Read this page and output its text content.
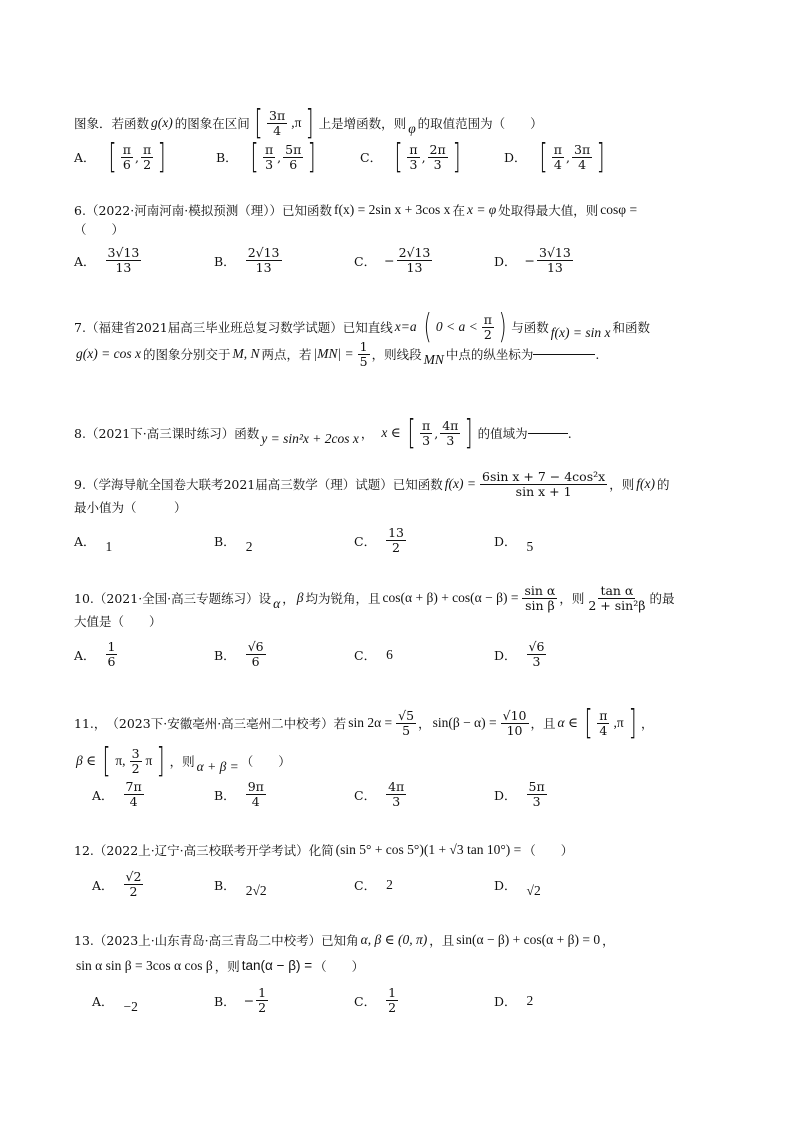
图象．若函数 g(x) 的图象在区间 [ $\frac{3\pi}{4} ,\pi$ ] 上是增函数，则 φ 的取值范围为（　　）
A． [ $\frac{\pi}{6}$ , $\frac{\pi}{2}$ ]	B． [ $\frac{\pi}{3}$ , $\frac{5\pi}{6}$ ]	C． [ $\frac{\pi}{3}$ , $\frac{2\pi}{3}$ ]	D． [ $\frac{\pi}{4}$ , $\frac{3\pi}{4}$ ]
6. （2022·河南河南·模拟预测（理）） 已知函数 f(x) = 2sin x + 3cos x 在 x = φ 处取得最大值，则 cosφ =
（　　）
A． $\frac{3√13}{13}$	B． $\frac{2√13}{13}$	C． − $\frac{2√13}{13}$	D． − $\frac{3√13}{13}$
7. （福建省2021届高三毕业班总复习数学试题） 已知直线 x=a ( $0 < a < \frac{\pi}{2}$ ) 与函数 f(x) = sin x 和函数
g(x) = cos x 的图象分别交于 M, N 两点，若 $|MN| = \frac{1}{5}$ ，则线段 MN 中点的纵坐标为	.
8. （2021下·高三课时练习） 函数 y = sin²x + 2cos x ， x ∈ [ $\frac{\pi}{3}$ , $\frac{4\pi}{3}$ ] 的值域为	.
9. （学海导航全国卷大联考2021届高三数学（理）试题） 已知函数 $f(x) = \frac{\text{6sin x + 7 − 4cos²x}}{\text{sin x + 1}}$ ，则 f(x) 的
最小值为（　　　）
A． 1	B． 2	C． $\frac{13}{2}$	D． 5
10. （2021·全国·高三专题练习） 设 α ， β 均为锐角，且 $\cos(\alpha + \beta) + \cos(\alpha - \beta) = \frac{\text{sin α}}{\text{sin β}}$ ，则 $\frac{\text{tan α}}{\text{2 + sin²β}}$ 的最
大值是（　　）
A． $\frac{1}{6}$	B． $\frac{√6}{6}$	C． 6	D． $\frac{√6}{3}$
11. ， （2023下·安徽亳州·高三亳州二中校考） 若 $\sin 2\alpha = \frac{√5}{5}$ ， $\sin(\beta - \alpha) = \frac{√10}{10}$ ，且 α ∈ [ $\frac{\pi}{4} ,\pi$ ] ，
β ∈ [ π, $\frac{3}{2}$ π ] ，则 α + β = （　　）
A． $\frac{7\pi}{4}$	B． $\frac{9\pi}{4}$	C． $\frac{4\pi}{3}$	D． $\frac{5\pi}{3}$
12. （2022上·辽宁·高三校联考开学考试） 化简 (sin 5° + cos 5°)(1 + √3 tan 10°) = （　　）
A． $\frac{√2}{2}$	B． 2√2	C． 2	D． √2
13. （2023上·山东青岛·高三青岛二中校考） 已知角 α, β ∈ (0, π) ，且 sin(α − β) + cos(α + β) = 0 ，
sin α sin β = 3cos α cos β ，则 tan(α − β) = （　　）
A． −2	B． − $\frac{1}{2}$	C． $\frac{1}{2}$	D． 2
